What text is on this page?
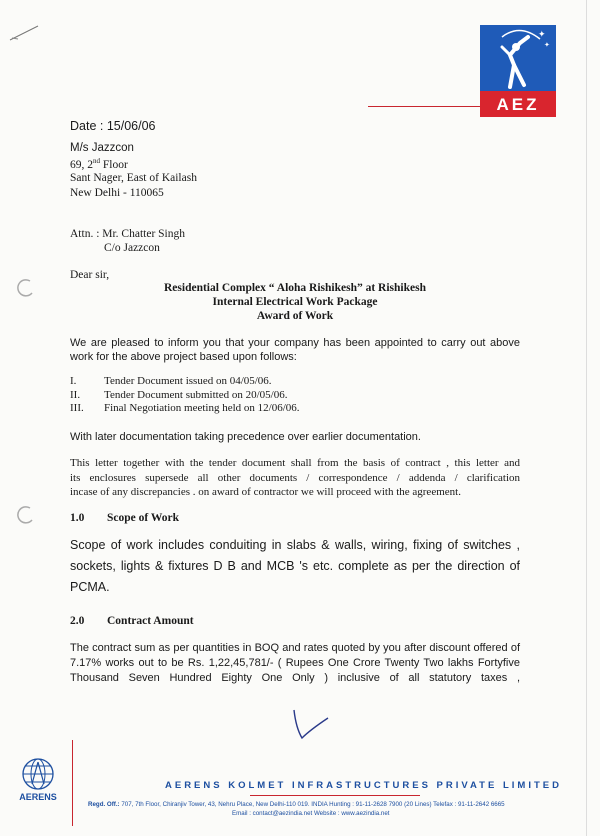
✦
✦
AEZ
Date : 15/06/06
M/s Jazzcon
69, 2nd Floor
Sant Nager, East of Kailash
New Delhi - 110065
Attn. : Mr. Chatter Singh
C/o Jazzcon
Dear sir,
Residential Complex “ Aloha Rishikesh” at Rishikesh
Internal Electrical Work Package
Award of Work
We are pleased to inform you that your company has been appointed to carry out above
work for the above project based upon follows:
I.	Tender Document issued on 04/05/06.
II. Tender Document submitted on 20/05/06.
III. Final Negotiation meeting held on 12/06/06.
With later documentation taking precedence over earlier documentation.
This letter together with the tender document shall from the basis of contract , this letter and
its enclosures supersede all other documents / correspondence / addenda / clarification
incase of any discrepancies . on award of contractor we will proceed with the agreement.
1.0 Scope of Work
Scope of work includes conduiting in slabs & walls, wiring, fixing of switches ,
sockets, lights & fixtures D B and MCB 's etc. complete as per the direction of
PCMA.
2.0 Contract Amount
The contract sum as per quantities in BOQ and rates quoted by you after discount offered of
7.17% works out to be Rs. 1,22,45,781/- ( Rupees One Crore Twenty Two lakhs Fortyfive
Thousand Seven Hundred Eighty One Only ) inclusive of all statutory taxes ,
AERENS
AERENS KOLMET INFRASTRUCTURES PRIVATE LIMITED
Regd. Off.: 707, 7th Floor, Chiranjiv Tower, 43, Nehru Place, New Delhi-110 019. INDIA Hunting : 91-11-2628 7900 (20 Lines) Telefax : 91-11-2642 6665
Email : contact@aezindia.net Website : www.aezindia.net
